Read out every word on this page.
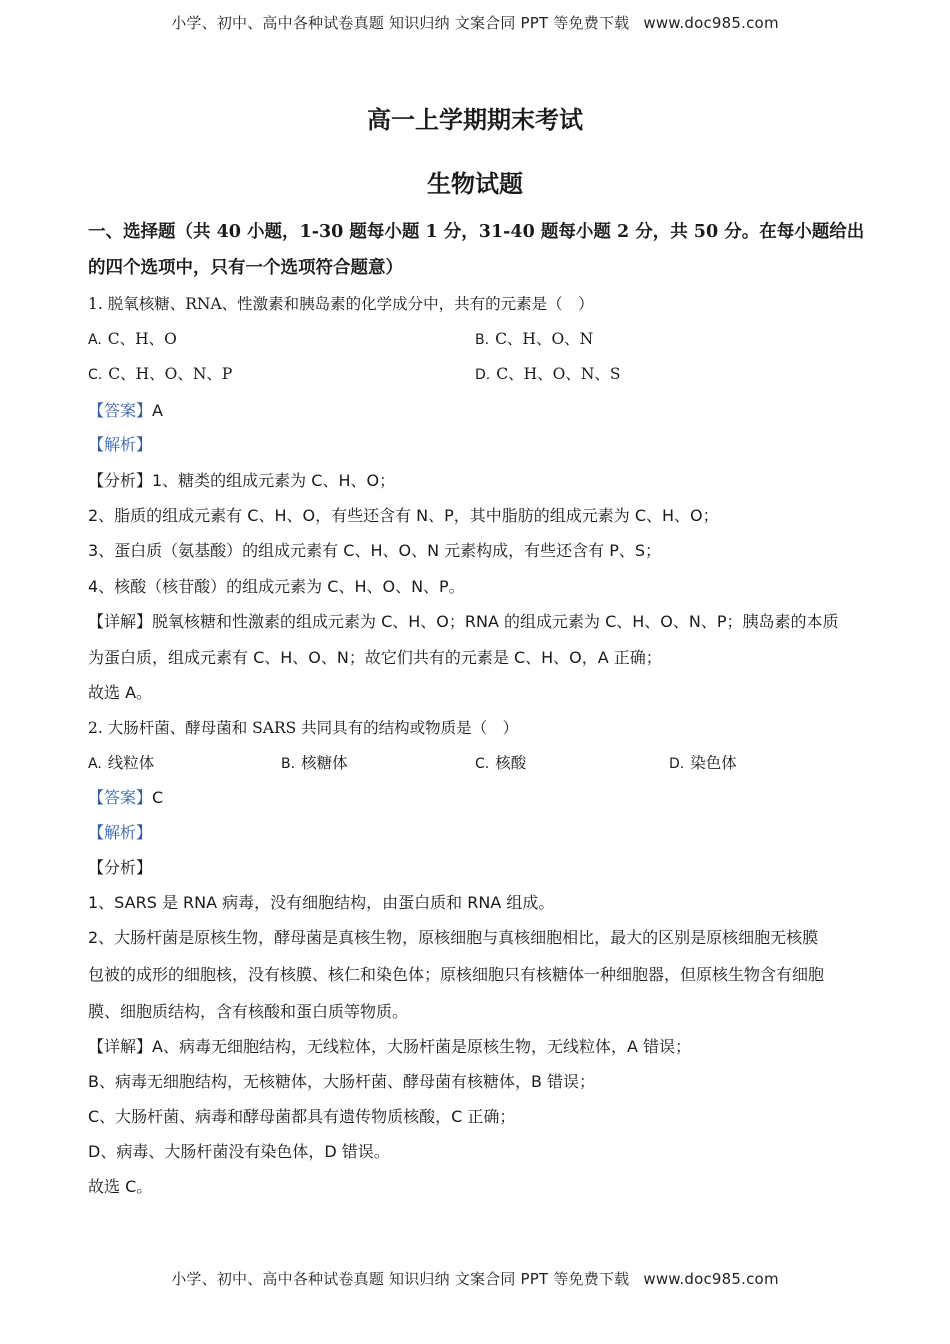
小学、初中、高中各种试卷真题 知识归纳 文案合同 PPT 等免费下载 www.doc985.com
高一上学期期末考试
生物试题
一、选择题（共 40 小题，1-30 题每小题 1 分，31-40 题每小题 2 分，共 50 分。在每小题给出
的四个选项中，只有一个选项符合题意）
1. 脱氧核糖、RNA、性激素和胰岛素的化学成分中，共有的元素是（　）
A. C、H、O	B. C、H、O、N
C. C、H、O、N、P	D. C、H、O、N、S
【答案】A
【解析】
【分析】1、糖类的组成元素为 C、H、O；
2、脂质的组成元素有 C、H、O，有些还含有 N、P，其中脂肪的组成元素为 C、H、O；
3、蛋白质（氨基酸）的组成元素有 C、H、O、N 元素构成，有些还含有 P、S；
4、核酸（核苷酸）的组成元素为 C、H、O、N、P。
【详解】脱氧核糖和性激素的组成元素为 C、H、O；RNA 的组成元素为 C、H、O、N、P；胰岛素的本质
为蛋白质，组成元素有 C、H、O、N；故它们共有的元素是 C、H、O，A 正确；
故选 A。
2. 大肠杆菌、酵母菌和 SARS 共同具有的结构或物质是（　）
A. 线粒体	B. 核糖体	C. 核酸	D. 染色体
【答案】C
【解析】
【分析】
1、SARS 是 RNA 病毒，没有细胞结构，由蛋白质和 RNA 组成。
2、大肠杆菌是原核生物，酵母菌是真核生物，原核细胞与真核细胞相比，最大的区别是原核细胞无核膜
包被的成形的细胞核，没有核膜、核仁和染色体；原核细胞只有核糖体一种细胞器，但原核生物含有细胞
膜、细胞质结构，含有核酸和蛋白质等物质。
【详解】A、病毒无细胞结构，无线粒体，大肠杆菌是原核生物，无线粒体，A 错误；
B、病毒无细胞结构，无核糖体，大肠杆菌、酵母菌有核糖体，B 错误；
C、大肠杆菌、病毒和酵母菌都具有遗传物质核酸，C 正确；
D、病毒、大肠杆菌没有染色体，D 错误。
故选 C。
小学、初中、高中各种试卷真题 知识归纳 文案合同 PPT 等免费下载 www.doc985.com
